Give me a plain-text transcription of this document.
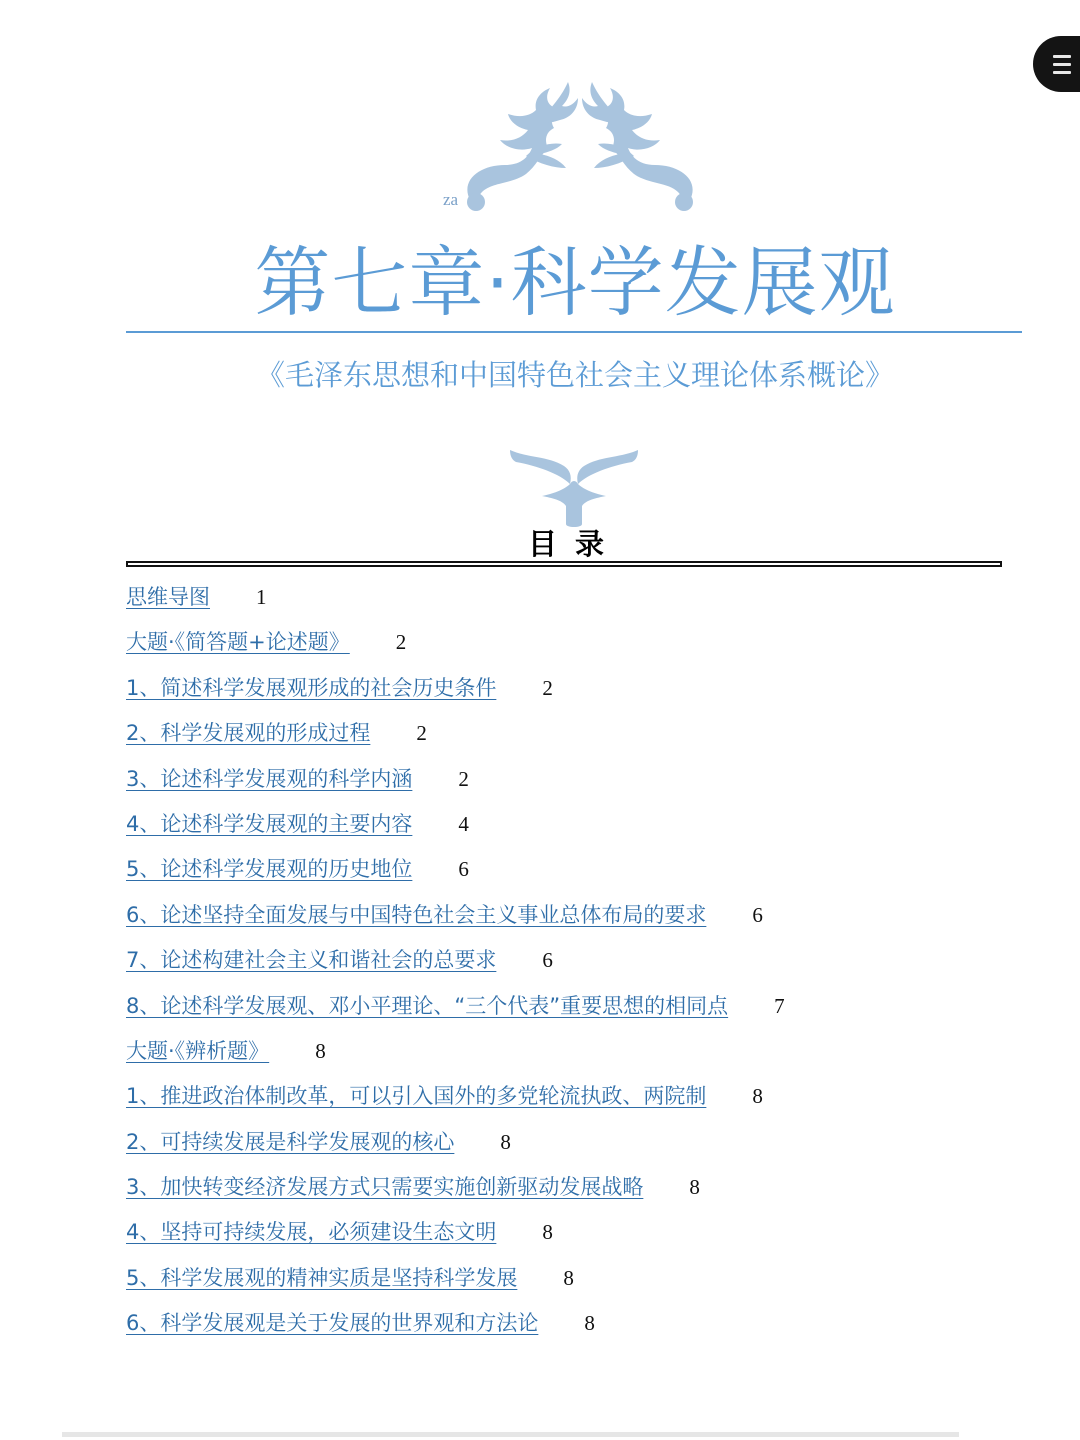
za
第七章·科学发展观
《毛泽东思想和中国特色社会主义理论体系概论》
目录
思维导图 1
大题·《简答题+论述题》 2
1、简述科学发展观形成的社会历史条件 2
2、科学发展观的形成过程 2
3、论述科学发展观的科学内涵 2
4、论述科学发展观的主要内容 4
5、论述科学发展观的历史地位 6
6、论述坚持全面发展与中国特色社会主义事业总体布局的要求 6
7、论述构建社会主义和谐社会的总要求 6
8、论述科学发展观、邓小平理论、“三个代表”重要思想的相同点 7
大题·《辨析题》 8
1、推进政治体制改革，可以引入国外的多党轮流执政、两院制 8
2、可持续发展是科学发展观的核心 8
3、加快转变经济发展方式只需要实施创新驱动发展战略 8
4、坚持可持续发展，必须建设生态文明 8
5、科学发展观的精神实质是坚持科学发展 8
6、科学发展观是关于发展的世界观和方法论 8
